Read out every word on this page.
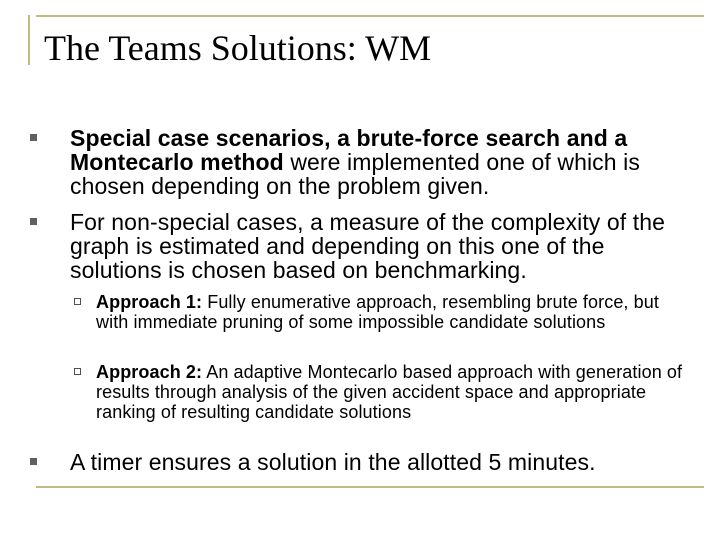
The Teams Solutions: WM
Special case scenarios, a brute-force search and a Montecarlo method were implemented one of which is chosen depending on the problem given.
For non-special cases, a measure of the complexity of the graph is estimated and depending on this one of the solutions is chosen based on benchmarking.
Approach 1: Fully enumerative approach, resembling brute force, but with immediate pruning of some impossible candidate solutions
Approach 2: An adaptive Montecarlo based approach with generation of results through analysis of the given accident space and appropriate ranking of resulting candidate solutions
A timer ensures a solution in the allotted 5 minutes.
